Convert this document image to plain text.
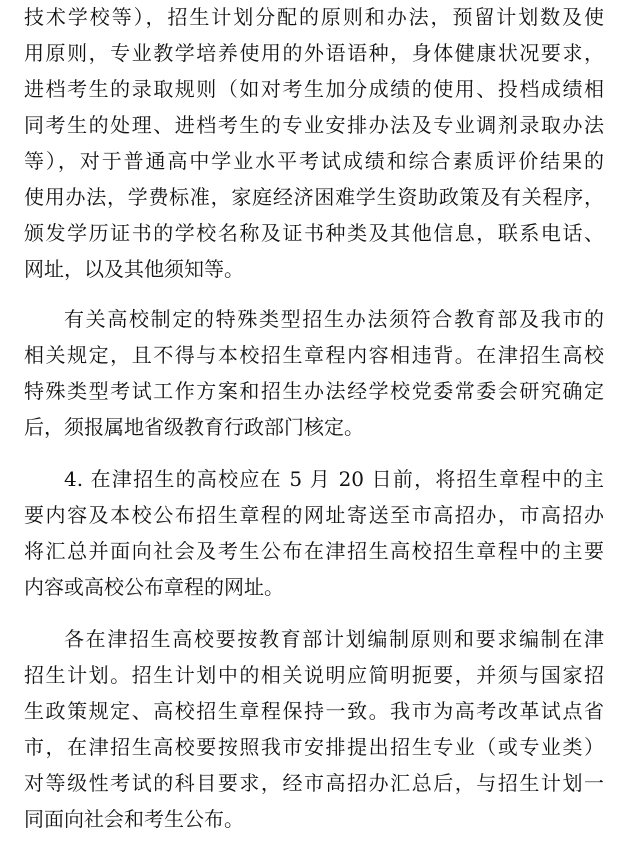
技术学校等），招生计划分配的原则和办法，预留计划数及使

用原则，专业教学培养使用的外语语种，身体健康状况要求，

进档考生的录取规则（如对考生加分成绩的使用、投档成绩相

同考生的处理、进档考生的专业安排办法及专业调剂录取办法

等），对于普通高中学业水平考试成绩和综合素质评价结果的

使用办法，学费标准，家庭经济困难学生资助政策及有关程序，

颁发学历证书的学校名称及证书种类及其他信息，联系电话、

网址，以及其他须知等。

有关高校制定的特殊类型招生办法须符合教育部及我市的

相关规定，且不得与本校招生章程内容相违背。在津招生高校

特殊类型考试工作方案和招生办法经学校党委常委会研究确定

后，须报属地省级教育行政部门核定。

4. 在津招生的高校应在 5 月 20 日前，将招生章程中的主

要内容及本校公布招生章程的网址寄送至市高招办，市高招办

将汇总并面向社会及考生公布在津招生高校招生章程中的主要

内容或高校公布章程的网址。

各在津招生高校要按教育部计划编制原则和要求编制在津

招生计划。招生计划中的相关说明应简明扼要，并须与国家招

生政策规定、高校招生章程保持一致。我市为高考改革试点省

市，在津招生高校要按照我市安排提出招生专业（或专业类）

对等级性考试的科目要求，经市高招办汇总后，与招生计划一

同面向社会和考生公布。
